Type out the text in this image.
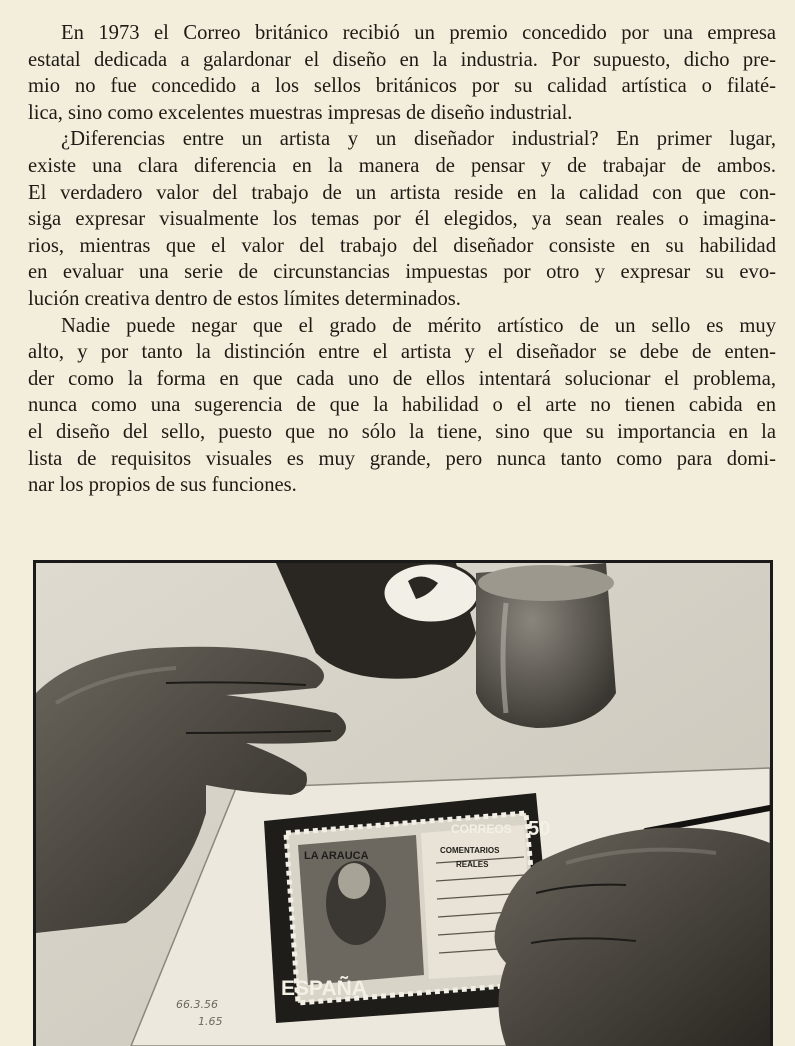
En 1973 el Correo británico recibió un premio concedido por una empresa
estatal dedicada a galardonar el diseño en la industria. Por supuesto, dicho pre-
mio no fue concedido a los sellos británicos por su calidad artística o filaté-
lica, sino como excelentes muestras impresas de diseño industrial.

¿Diferencias entre un artista y un diseñador industrial? En primer lugar,
existe una clara diferencia en la manera de pensar y de trabajar de ambos.
El verdadero valor del trabajo de un artista reside en la calidad con que con-
siga expresar visualmente los temas por él elegidos, ya sean reales o imagina-
rios, mientras que el valor del trabajo del diseñador consiste en su habilidad
en evaluar una serie de circunstancias impuestas por otro y expresar su evo-
lución creativa dentro de estos límites determinados.

Nadie puede negar que el grado de mérito artístico de un sello es muy
alto, y por tanto la distinción entre el artista y el diseñador se debe de enten-
der como la forma en que cada uno de ellos intentará solucionar el problema,
nunca como una sugerencia de que la habilidad o el arte no tienen cabida en
el diseño del sello, puesto que no sólo la tiene, sino que su importancia en la
lista de requisitos visuales es muy grande, pero nunca tanto como para domi-
nar los propios de sus funciones.

LA ARAUCA	COMENTARIOS
REALES
CORREOS 50
ESPAÑA
66.3.56
1.65
